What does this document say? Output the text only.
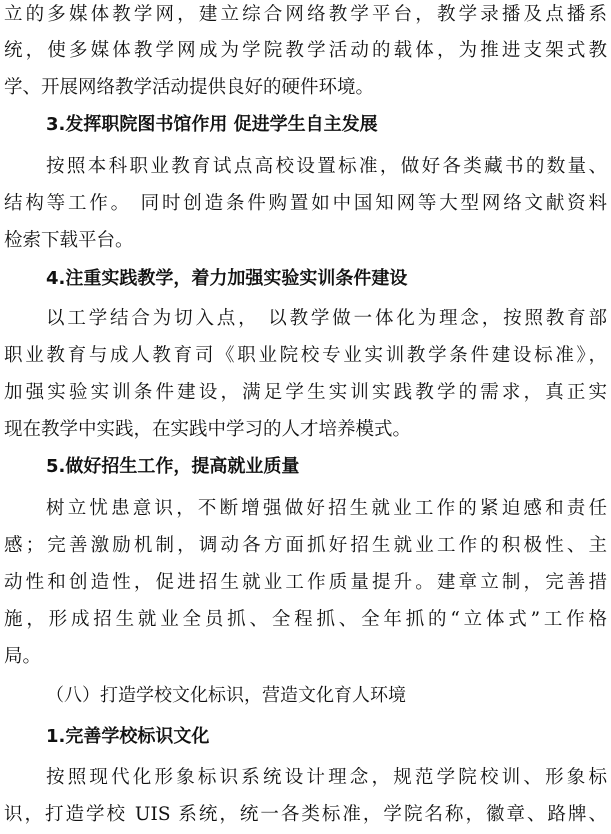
立的多媒体教学网，建立综合网络教学平台，教学录播及点播系
统，使多媒体教学网成为学院教学活动的载体，为推进支架式教
学、开展网络教学活动提供良好的硬件环境。
3.发挥职院图书馆作用 促进学生自主发展
按照本科职业教育试点高校设置标准，做好各类藏书的数量、
结构等工作。 同时创造条件购置如中国知网等大型网络文献资料
检索下载平台。
4.注重实践教学，着力加强实验实训条件建设
以工学结合为切入点， 以教学做一体化为理念，按照教育部
职业教育与成人教育司《职业院校专业实训教学条件建设标准》，
加强实验实训条件建设，满足学生实训实践教学的需求，真正实
现在教学中实践，在实践中学习的人才培养模式。
5.做好招生工作，提高就业质量
树立忧患意识，不断增强做好招生就业工作的紧迫感和责任
感；完善激励机制，调动各方面抓好招生就业工作的积极性、主
动性和创造性，促进招生就业工作质量提升。建章立制，完善措
施，形成招生就业全员抓、全程抓、全年抓的“立体式”工作格
局。
（八）打造学校文化标识，营造文化育人环境
1.完善学校标识文化
按照现代化形象标识系统设计理念，规范学院校训、形象标
识，打造学校 UIS 系统，统一各类标准，学院名称，徽章、路牌、
